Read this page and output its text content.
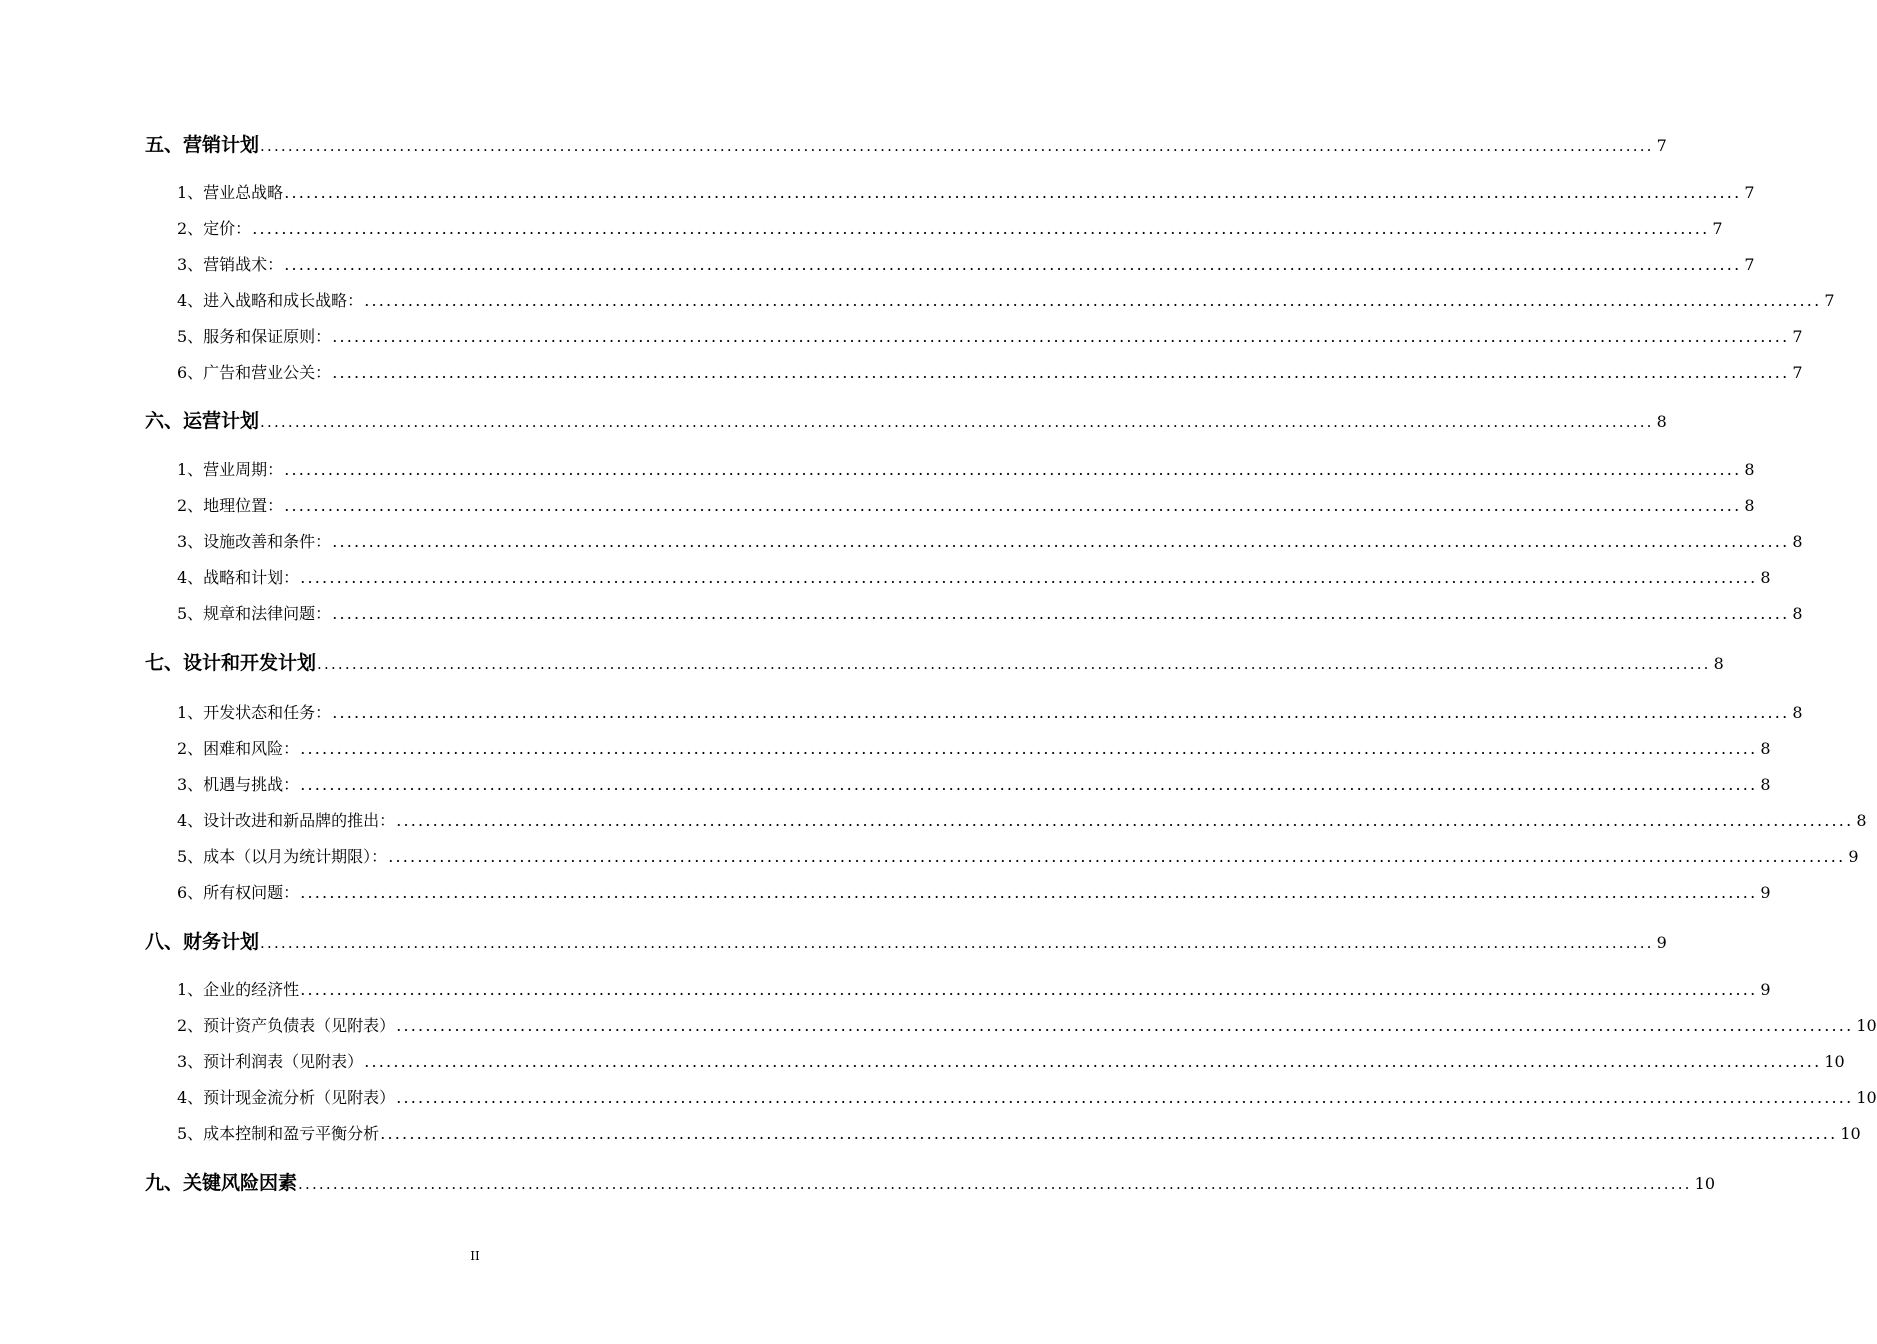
五、营销计划 ........................................................................................................................................................................................................ 7
1、营业总战略 ........................................................................................................................................................................................................ 7
2、定价： ........................................................................................................................................................................................................ 7
3、营销战术： ........................................................................................................................................................................................................ 7
4、进入战略和成长战略： ........................................................................................................................................................................................................ 7
5、服务和保证原则： ........................................................................................................................................................................................................ 7
6、广告和营业公关： ........................................................................................................................................................................................................ 7
六、运营计划 ........................................................................................................................................................................................................ 8
1、营业周期： ........................................................................................................................................................................................................ 8
2、地理位置： ........................................................................................................................................................................................................ 8
3、设施改善和条件： ........................................................................................................................................................................................................ 8
4、战略和计划： ........................................................................................................................................................................................................ 8
5、规章和法律问题： ........................................................................................................................................................................................................ 8
七、设计和开发计划 ........................................................................................................................................................................................................ 8
1、开发状态和任务： ........................................................................................................................................................................................................ 8
2、困难和风险： ........................................................................................................................................................................................................ 8
3、机遇与挑战： ........................................................................................................................................................................................................ 8
4、设计改进和新品牌的推出： ........................................................................................................................................................................................................ 8
5、成本（以月为统计期限）： ........................................................................................................................................................................................................ 9
6、所有权问题： ........................................................................................................................................................................................................ 9
八、财务计划 ........................................................................................................................................................................................................ 9
1、企业的经济性 ........................................................................................................................................................................................................ 9
2、预计资产负债表（见附表） ........................................................................................................................................................................................................ 10
3、预计利润表（见附表） ........................................................................................................................................................................................................ 10
4、预计现金流分析（见附表） ........................................................................................................................................................................................................ 10
5、成本控制和盈亏平衡分析 ........................................................................................................................................................................................................ 10
九、关键风险因素 ........................................................................................................................................................................................................ 10
II
